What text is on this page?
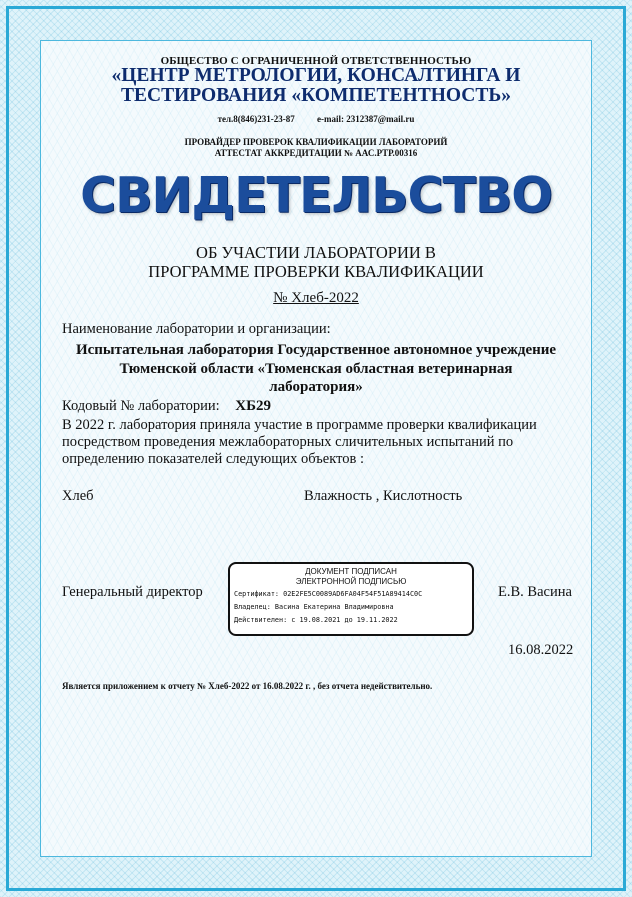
ОБЩЕСТВО С ОГРАНИЧЕННОЙ ОТВЕТСТВЕННОСТЬЮ
«ЦЕНТР МЕТРОЛОГИИ, КОНСАЛТИНГА И
ТЕСТИРОВАНИЯ «КОМПЕТЕНТНОСТЬ»
тел.8(846)231-23-87 e-mail: 2312387@mail.ru
ПРОВАЙДЕР ПРОВЕРОК КВАЛИФИКАЦИИ ЛАБОРАТОРИЙ
АТТЕСТАТ АККРЕДИТАЦИИ № ААС.РТР.00316
СВИДЕТЕЛЬСТВО
ОБ УЧАСТИИ ЛАБОРАТОРИИ В
ПРОГРАММЕ ПРОВЕРКИ КВАЛИФИКАЦИИ
№ Хлеб-2022
Наименование лаборатории и организации:
Испытательная лаборатория Государственное автономное учреждение
Тюменской области «Тюменская областная ветеринарная
лаборатория»
Кодовый № лаборатории: ХБ29
В 2022 г. лаборатория приняла участие в программе проверки квалификации
посредством проведения межлабораторных сличительных испытаний по
определению показателей следующих объектов :
Хлеб	Влажность , Кислотность
Генеральный директор
ДОКУМЕНТ ПОДПИСАН
ЭЛЕКТРОННОЙ ПОДПИСЬЮ
Сертификат: 02E2FE5C0089AD6FA04F54F51A89414C0C
Владелец: Васина Екатерина Владимировна
Действителен: с 19.08.2021 до 19.11.2022
Е.В. Васина
16.08.2022
Является приложением к отчету № Хлеб-2022 от 16.08.2022 г. , без отчета недействительно.
